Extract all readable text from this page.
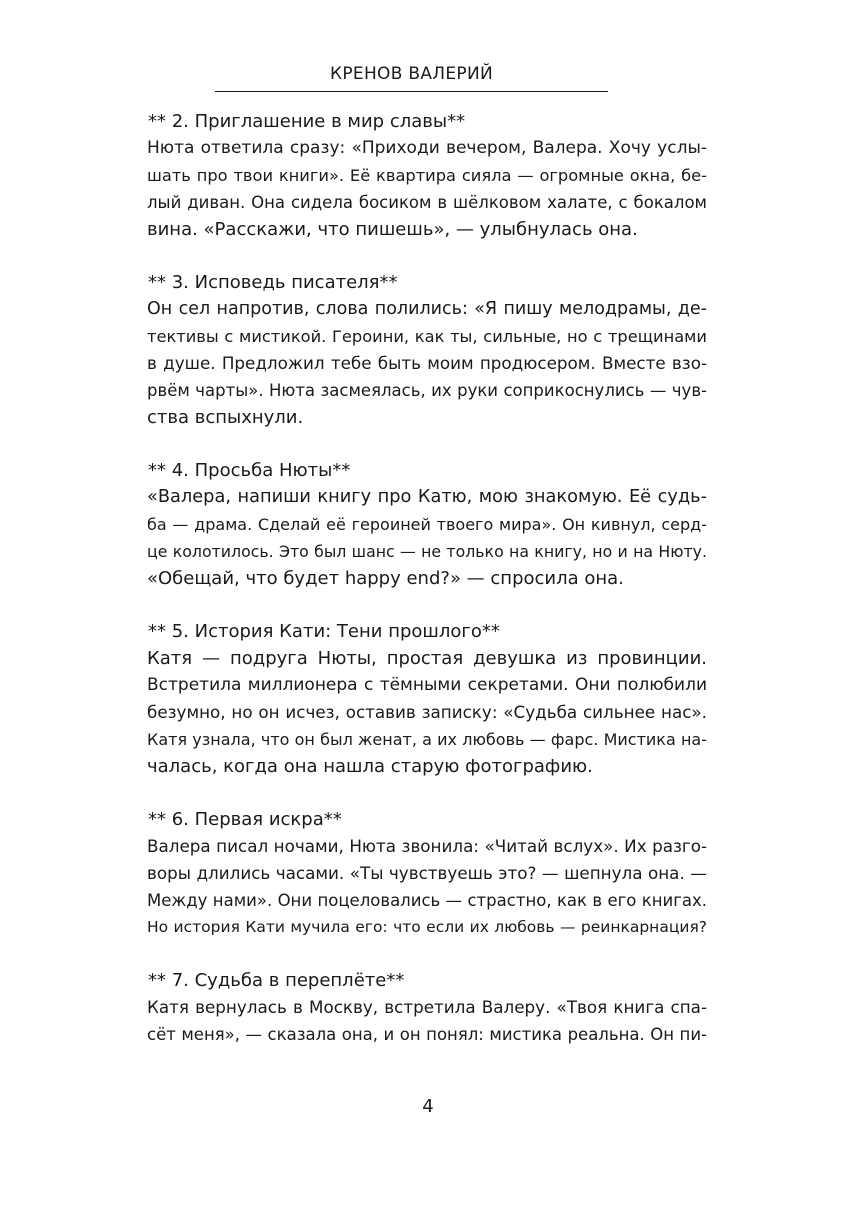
КРЕНОВ ВАЛЕРИЙ
** 2. Приглашение в мир славы**
Нюта ответила сразу: «Приходи вечером, Валера. Хочу услы-
шать про твои книги». Её квартира сияла — огромные окна, бе-
лый диван. Она сидела босиком в шёлковом халате, с бокалом
вина. «Расскажи, что пишешь», — улыбнулась она.
** 3. Исповедь писателя**
Он сел напротив, слова полились: «Я пишу мелодрамы, де-
тективы с мистикой. Героини, как ты, сильные, но с трещинами
в душе. Предложил тебе быть моим продюсером. Вместе взо-
рвём чарты». Нюта засмеялась, их руки соприкоснулись — чув-
ства вспыхнули.
** 4. Просьба Нюты**
«Валера, напиши книгу про Катю, мою знакомую. Её судь-
ба — драма. Сделай её героиней твоего мира». Он кивнул, серд-
це колотилось. Это был шанс — не только на книгу, но и на Нюту.
«Обещай, что будет happy end?» — спросила она.
** 5. История Кати: Тени прошлого**
Катя — подруга Нюты, простая девушка из провинции.
Встретила миллионера с тёмными секретами. Они полюбили
безумно, но он исчез, оставив записку: «Судьба сильнее нас».
Катя узнала, что он был женат, а их любовь — фарс. Мистика на-
чалась, когда она нашла старую фотографию.
** 6. Первая искра**
Валера писал ночами, Нюта звонила: «Читай вслух». Их разго-
воры длились часами. «Ты чувствуешь это? — шепнула она. —
Между нами». Они поцеловались — страстно, как в его книгах.
Но история Кати мучила его: что если их любовь — реинкарнация?
** 7. Судьба в переплёте**
Катя вернулась в Москву, встретила Валеру. «Твоя книга спа-
сёт меня», — сказала она, и он понял: мистика реальна. Он пи-
4
